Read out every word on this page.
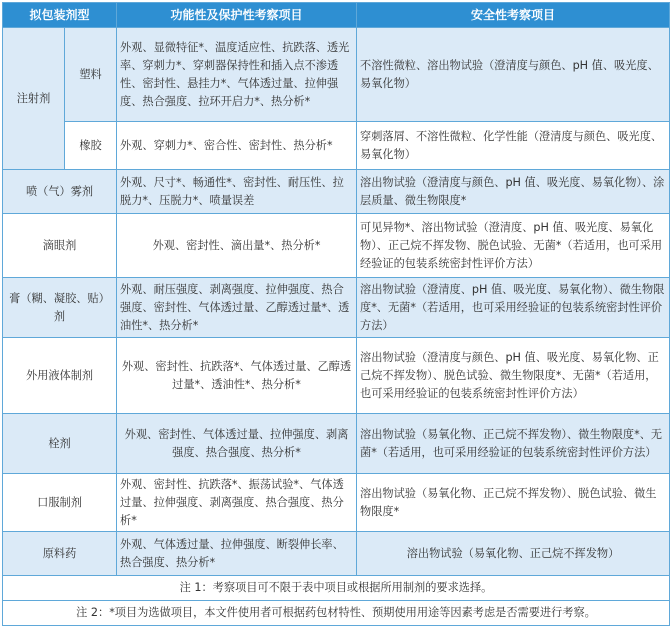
拟包装剂型		功能性及保护性考察项目	安全性考察项目
注射剂	塑料	外观、显微特征*、温度适应性、抗跌落、透光率、穿刺力*、穿刺器保持性和插入点不渗透性、密封性、悬挂力*、气体透过量、拉伸强度、热合强度、拉环开启力*、热分析*	不溶性微粒、溶出物试验（澄清度与颜色、pH 值、吸光度、易氧化物）
	橡胶	外观、穿刺力*、密合性、密封性、热分析*	穿刺落屑、不溶性微粒、化学性能（澄清度与颜色、吸光度、易氧化物）
喷（气）雾剂		外观、尺寸*、畅通性*、密封性、耐压性、拉脱力*、压脱力*、喷量误差	溶出物试验（澄清度与颜色、pH 值、吸光度、易氧化物）、涂层质量、微生物限度*
滴眼剂		外观、密封性、滴出量*、热分析*	可见异物*、溶出物试验（澄清度、pH 值、吸光度、易氧化物）、正己烷不挥发物、脱色试验、无菌*（若适用，也可采用经验证的包装系统密封性评价方法）
膏（糊、凝胶、贴）剂		外观、耐压强度、剥离强度、拉伸强度、热合强度、密封性、气体透过量、乙醇透过量*、透油性*、热分析*	溶出物试验（澄清度、pH 值、吸光度、易氧化物）、微生物限度*、无菌*（若适用，也可采用经验证的包装系统密封性评价方法）
外用液体制剂		外观、密封性、抗跌落*、气体透过量、乙醇透过量*、透油性*、热分析*	溶出物试验（澄清度与颜色、pH 值、吸光度、易氧化物、正己烷不挥发物）、脱色试验、微生物限度*、无菌*（若适用，也可采用经验证的包装系统密封性评价方法）
栓剂		外观、密封性、气体透过量、拉伸强度、剥离强度、热合强度、热分析*	溶出物试验（易氧化物、正己烷不挥发物）、微生物限度*、无菌*（若适用，也可采用经验证的包装系统密封性评价方法）
口服制剂		外观、密封性、抗跌落*、振荡试验*、气体透过量、拉伸强度、剥离强度、热合强度、热分析*	溶出物试验（易氧化物、正己烷不挥发物）、脱色试验、微生物限度*
原料药		外观、气体透过量、拉伸强度、断裂伸长率、热合强度、热分析*	溶出物试验（易氧化物、正己烷不挥发物）
注 1：考察项目可不限于表中项目或根据所用制剂的要求选择。			
注 2：*项目为选做项目，本文件使用者可根据药包材特性、预期使用用途等因素考虑是否需要进行考察。			
